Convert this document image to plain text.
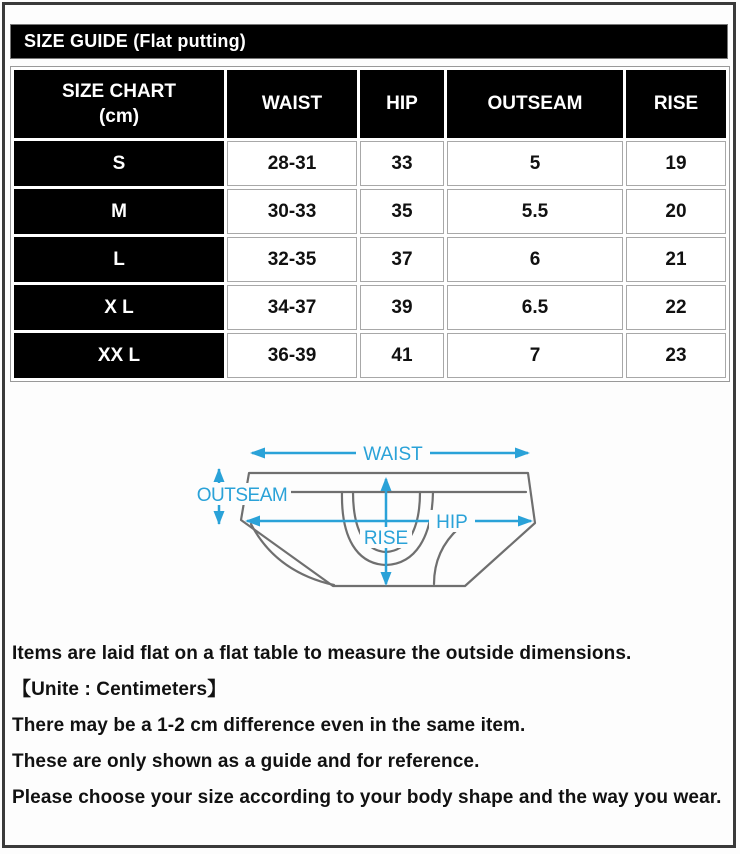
SIZE GUIDE (Flat putting)
SIZE CHART
(cm)	WAIST	HIP	OUTSEAM	RISE
S	28-31	33	5	19
M	30-33	35	5.5	20
L	32-35	37	6	21
X L	34-37	39	6.5	22
XX L	36-39	41	7	23
WAIST
OUTSEAM
HIP
RISE
Items are laid flat on a flat table to measure the outside dimensions.
【Unite : Centimeters】
There may be a 1-2 cm difference even in the same item.
These are only shown as a guide and for reference.
Please choose your size according to your body shape and the way you wear.
